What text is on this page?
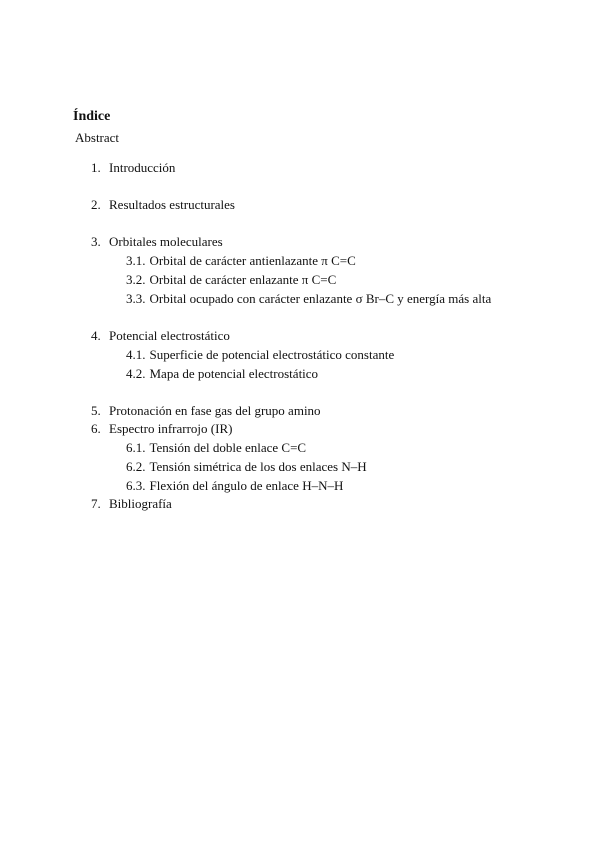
Índice
Abstract
1. Introducción
2. Resultados estructurales
3. Orbitales moleculares
3.1. Orbital de carácter antienlazante π C=C
3.2. Orbital de carácter enlazante π C=C
3.3. Orbital ocupado con carácter enlazante σ Br–C y energía más alta
4. Potencial electrostático
4.1. Superficie de potencial electrostático constante
4.2. Mapa de potencial electrostático
5. Protonación en fase gas del grupo amino
6. Espectro infrarrojo (IR)
6.1. Tensión del doble enlace C=C
6.2. Tensión simétrica de los dos enlaces N–H
6.3. Flexión del ángulo de enlace H–N–H
7. Bibliografía
